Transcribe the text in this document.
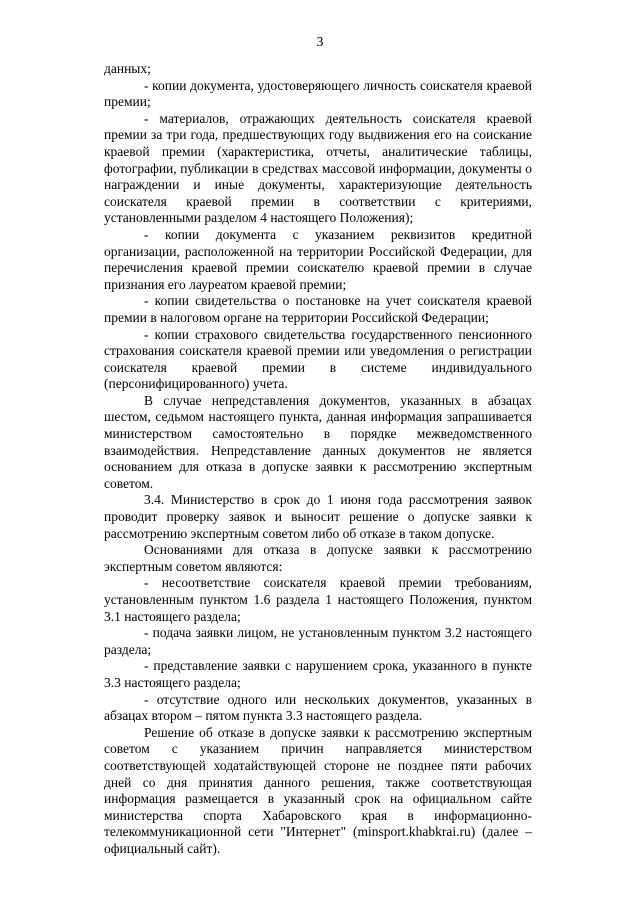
3

данных;

- копии документа, удостоверяющего личность соискателя краевой премии;

- материалов, отражающих деятельность соискателя краевой премии за три года, предшествующих году выдвижения его на соискание краевой премии (характеристика, отчеты, аналитические таблицы, фотографии, публикации в средствах массовой информации, документы о награждении и иные документы, характеризующие деятельность соискателя краевой премии в соответствии с критериями, установленными разделом 4 настоящего Положения);

- копии документа с указанием реквизитов кредитной организации, расположенной на территории Российской Федерации, для перечисления краевой премии соискателю краевой премии в случае признания его лауреатом краевой премии;

- копии свидетельства о постановке на учет соискателя краевой премии в налоговом органе на территории Российской Федерации;

- копии страхового свидетельства государственного пенсионного страхования соискателя краевой премии или уведомления о регистрации соискателя краевой премии в системе индивидуального (персонифицированного) учета.

В случае непредставления документов, указанных в абзацах шестом, седьмом настоящего пункта, данная информация запрашивается министерством самостоятельно в порядке межведомственного взаимодействия. Непредставление данных документов не является основанием для отказа в допуске заявки к рассмотрению экспертным советом.

3.4. Министерство в срок до 1 июня года рассмотрения заявок проводит проверку заявок и выносит решение о допуске заявки к рассмотрению экспертным советом либо об отказе в таком допуске.

Основаниями для отказа в допуске заявки к рассмотрению экспертным советом являются:

- несоответствие соискателя краевой премии требованиям, установленным пунктом 1.6 раздела 1 настоящего Положения, пунктом 3.1 настоящего раздела;

- подача заявки лицом, не установленным пунктом 3.2 настоящего раздела;

- представление заявки с нарушением срока, указанного в пункте 3.3 настоящего раздела;

- отсутствие одного или нескольких документов, указанных в абзацах втором – пятом пункта 3.3 настоящего раздела.

Решение об отказе в допуске заявки к рассмотрению экспертным советом с указанием причин направляется министерством соответствующей ходатайствующей стороне не позднее пяти рабочих дней со дня принятия данного решения, также соответствующая информация размещается в указанный срок на официальном сайте министерства спорта Хабаровского края в информационно-телекоммуникационной сети "Интернет" (minsport.khabkrai.ru) (далее – официальный сайт).
